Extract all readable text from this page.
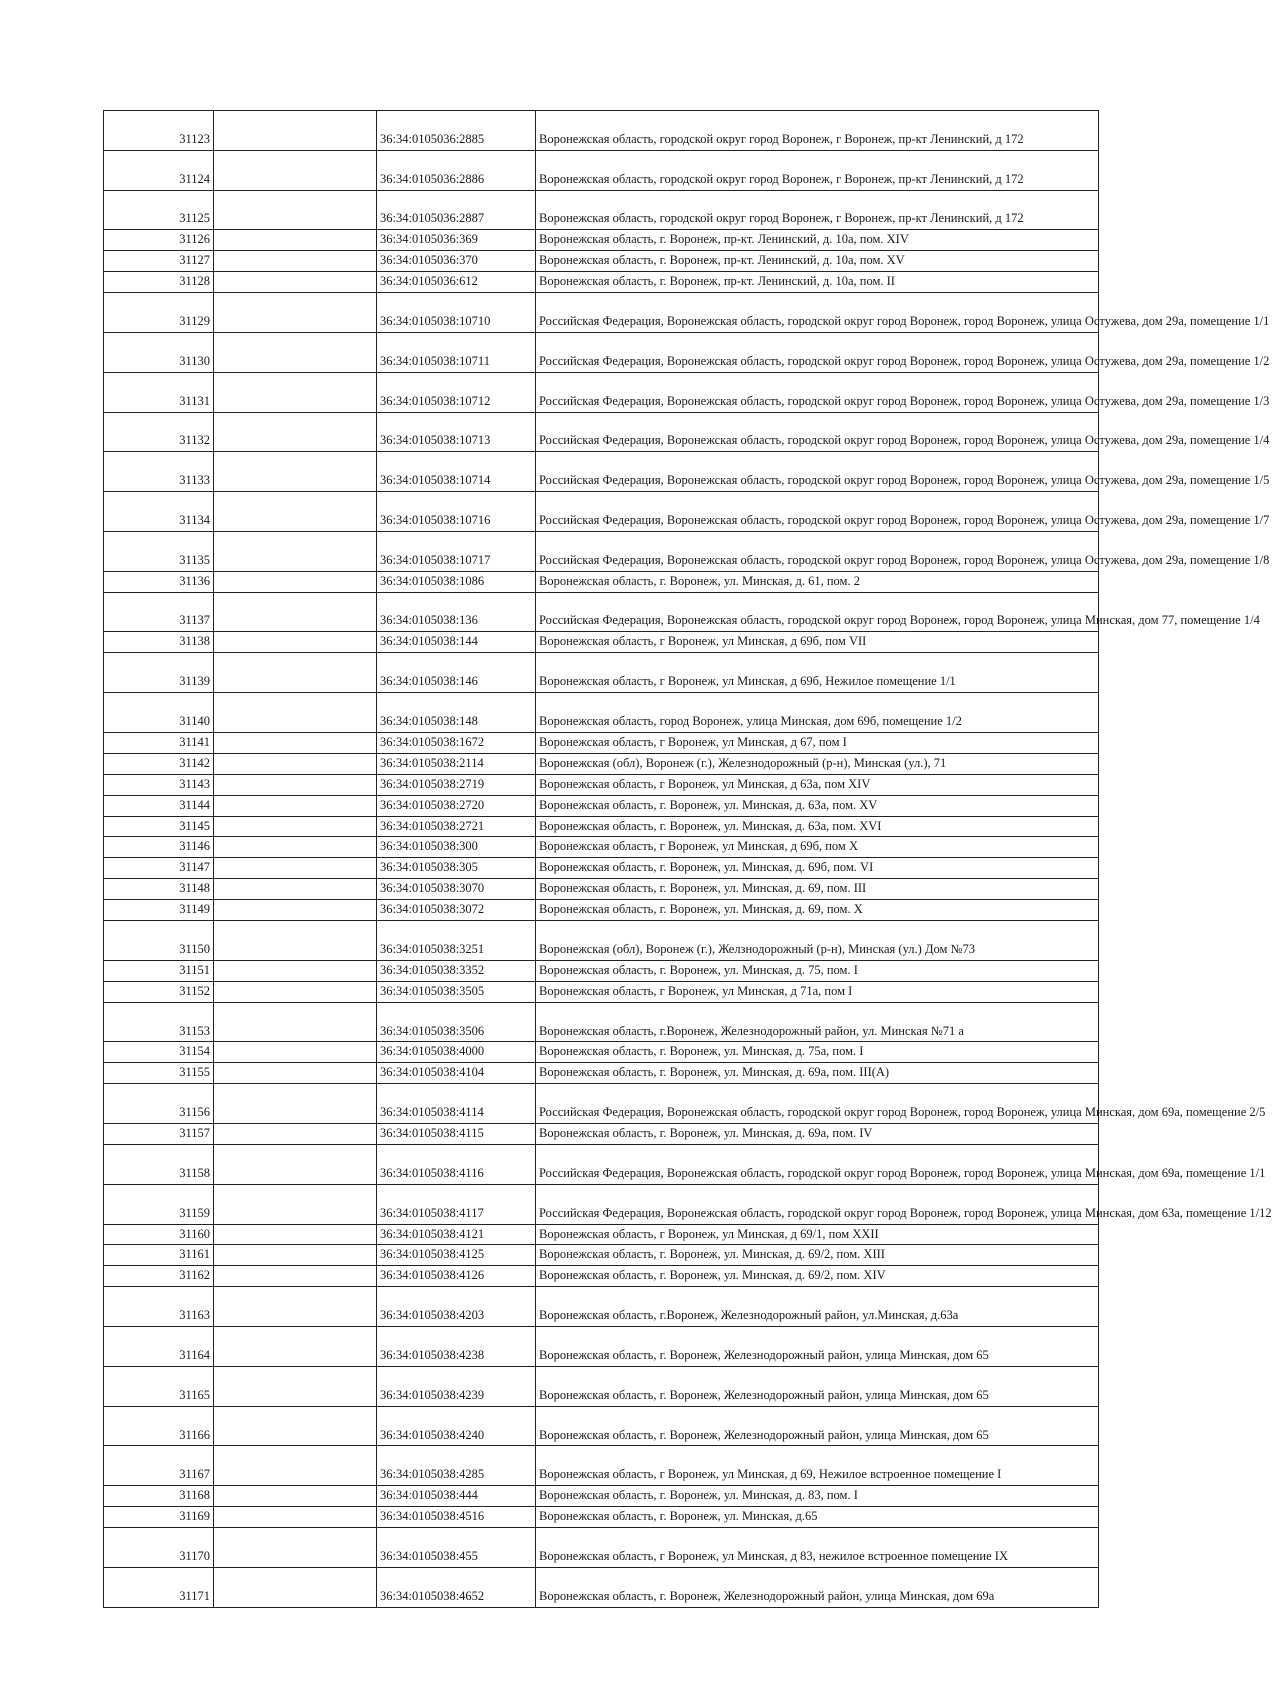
31123		36:34:0105036:2885	Воронежская область, городской округ город Воронеж, г Воронеж, пр-кт Ленинский, д 172
31124		36:34:0105036:2886	Воронежская область, городской округ город Воронеж, г Воронеж, пр-кт Ленинский, д 172
31125		36:34:0105036:2887	Воронежская область, городской округ город Воронеж, г Воронеж, пр-кт Ленинский, д 172
31126		36:34:0105036:369	Воронежская область, г. Воронеж, пр-кт. Ленинский, д. 10а, пом. XIV
31127		36:34:0105036:370	Воронежская область, г. Воронеж, пр-кт. Ленинский, д. 10а, пом. XV
31128		36:34:0105036:612	Воронежская область, г. Воронеж, пр-кт. Ленинский, д. 10а, пом. II
31129		36:34:0105038:10710	Российская Федерация, Воронежская область, городской округ город Воронеж, город Воронеж, улица Остужева, дом 29а, помещение 1/1
31130		36:34:0105038:10711	Российская Федерация, Воронежская область, городской округ город Воронеж, город Воронеж, улица Остужева, дом 29а, помещение 1/2
31131		36:34:0105038:10712	Российская Федерация, Воронежская область, городской округ город Воронеж, город Воронеж, улица Остужева, дом 29а, помещение 1/3
31132		36:34:0105038:10713	Российская Федерация, Воронежская область, городской округ город Воронеж, город Воронеж, улица Остужева, дом 29а, помещение 1/4
31133		36:34:0105038:10714	Российская Федерация, Воронежская область, городской округ город Воронеж, город Воронеж, улица Остужева, дом 29а, помещение 1/5
31134		36:34:0105038:10716	Российская Федерация, Воронежская область, городской округ город Воронеж, город Воронеж, улица Остужева, дом 29а, помещение 1/7
31135		36:34:0105038:10717	Российская Федерация, Воронежская область, городской округ город Воронеж, город Воронеж, улица Остужева, дом 29а, помещение 1/8
31136		36:34:0105038:1086	Воронежская область, г. Воронеж, ул. Минская, д. 61, пом. 2
31137		36:34:0105038:136	Российская Федерация, Воронежская область, городской округ город Воронеж, город Воронеж, улица Минская, дом 77, помещение 1/4
31138		36:34:0105038:144	Воронежская область, г Воронеж, ул Минская, д 69б, пом VII
31139		36:34:0105038:146	Воронежская область, г Воронеж, ул Минская, д 69б, Нежилое помещение 1/1
31140		36:34:0105038:148	Воронежская область, город Воронеж, улица Минская, дом 69б, помещение 1/2
31141		36:34:0105038:1672	Воронежская область, г Воронеж, ул Минская, д 67, пом I
31142		36:34:0105038:2114	Воронежская (обл), Воронеж (г.), Железнодорожный (р-н), Минская (ул.), 71
31143		36:34:0105038:2719	Воронежская область, г Воронеж, ул Минская, д 63а, пом XIV
31144		36:34:0105038:2720	Воронежская область, г. Воронеж, ул. Минская, д. 63а, пом. XV
31145		36:34:0105038:2721	Воронежская область, г. Воронеж, ул. Минская, д. 63а, пом. XVI
31146		36:34:0105038:300	Воронежская область, г Воронеж, ул Минская, д 69б, пом X
31147		36:34:0105038:305	Воронежская область, г. Воронеж, ул. Минская, д. 69б, пом. VI
31148		36:34:0105038:3070	Воронежская область, г. Воронеж, ул. Минская, д. 69, пом. III
31149		36:34:0105038:3072	Воронежская область, г. Воронеж, ул. Минская, д. 69, пом. X
31150		36:34:0105038:3251	Воронежская (обл), Воронеж (г.), Желзнодорожный (р-н), Минская (ул.) Дом №73
31151		36:34:0105038:3352	Воронежская область, г. Воронеж, ул. Минская, д. 75, пом. I
31152		36:34:0105038:3505	Воронежская область, г Воронеж, ул Минская, д 71а, пом I
31153		36:34:0105038:3506	Воронежская область, г.Воронеж, Железнодорожный район, ул. Минская №71 а
31154		36:34:0105038:4000	Воронежская область, г. Воронеж, ул. Минская, д. 75а, пом. I
31155		36:34:0105038:4104	Воронежская область, г. Воронеж, ул. Минская, д. 69а, пом. III(А)
31156		36:34:0105038:4114	Российская Федерация, Воронежская область, городской округ город Воронеж, город Воронеж, улица Минская, дом 69а, помещение 2/5
31157		36:34:0105038:4115	Воронежская область, г. Воронеж, ул. Минская, д. 69а, пом. IV
31158		36:34:0105038:4116	Российская Федерация, Воронежская область, городской округ город Воронеж, город Воронеж, улица Минская, дом 69а, помещение 1/1
31159		36:34:0105038:4117	Российская Федерация, Воронежская область, городской округ город Воронеж, город Воронеж, улица Минская, дом 63а, помещение 1/12
31160		36:34:0105038:4121	Воронежская область, г Воронеж, ул Минская, д 69/1, пом XXII
31161		36:34:0105038:4125	Воронежская область, г. Воронеж, ул. Минская, д. 69/2, пом. XIII
31162		36:34:0105038:4126	Воронежская область, г. Воронеж, ул. Минская, д. 69/2, пом. XIV
31163		36:34:0105038:4203	Воронежская область, г.Воронеж, Железнодорожный район, ул.Минская, д.63а
31164		36:34:0105038:4238	Воронежская область, г. Воронеж, Железнодорожный район, улица Минская, дом 65
31165		36:34:0105038:4239	Воронежская область, г. Воронеж, Железнодорожный район, улица Минская, дом 65
31166		36:34:0105038:4240	Воронежская область, г. Воронеж, Железнодорожный район, улица Минская, дом 65
31167		36:34:0105038:4285	Воронежская область, г Воронеж, ул Минская, д 69, Нежилое встроенное помещение I
31168		36:34:0105038:444	Воронежская область, г. Воронеж, ул. Минская, д. 83, пом. I
31169		36:34:0105038:4516	Воронежская область, г. Воронеж, ул. Минская, д.65
31170		36:34:0105038:455	Воронежская область, г Воронеж, ул Минская, д 83, нежилое встроенное помещение IX
31171		36:34:0105038:4652	Воронежская область, г. Воронеж, Железнодорожный район, улица Минская, дом 69а
